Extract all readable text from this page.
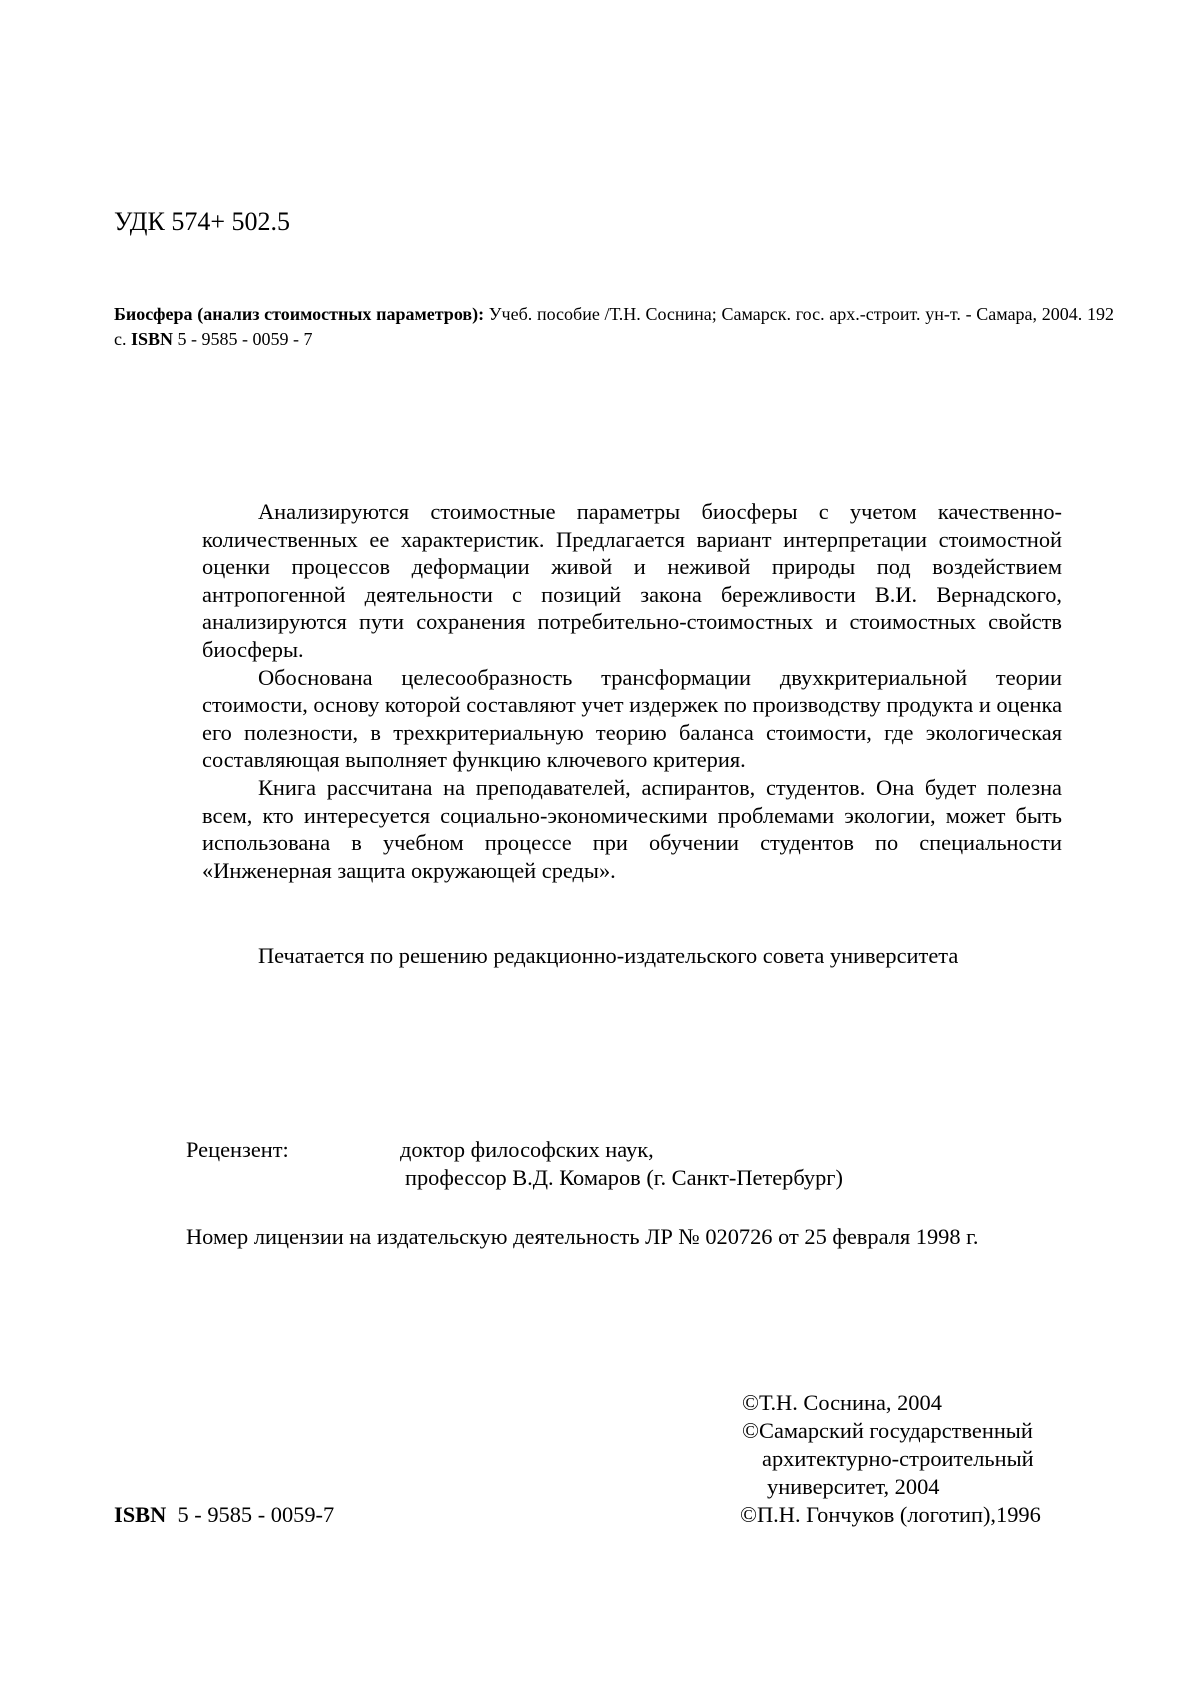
УДК 574+ 502.5
Биосфера (анализ стоимостных параметров): Учеб. пособие /Т.Н. Соснина; Самарск. гос. арх.-строит. ун-т. - Самара, 2004. 192 с. ISBN 5 - 9585 - 0059 - 7

Анализируются стоимостные параметры биосферы с учетом качественно-количественных ее характеристик. Предлагается вариант интерпретации стоимостной оценки процессов деформации живой и неживой природы под воздействием антропогенной деятельности с позиций закона бережливости В.И. Вернадского, анализируются пути сохранения потребительно-стоимостных и стоимостных свойств биосферы.

Обоснована целесообразность трансформации двухкритериальной теории стоимости, основу которой составляют учет издержек по производству продукта и оценка его полезности, в трехкритериальную теорию баланса стоимости, где экологическая составляющая выполняет функцию ключевого критерия.

Книга рассчитана на преподавателей, аспирантов, студентов. Она будет полезна всем, кто интересуется социально-экономическими проблемами экологии, может быть использована в учебном процессе при обучении студентов по специальности «Инженерная защита окружающей среды».

Печатается по решению редакционно-издательского совета университета
Рецензент:	доктор философских наук,
профессор В.Д. Комаров (г. Санкт-Петербург)
Номер лицензии на издательскую деятельность ЛР № 020726 от 25 февраля 1998 г.
©Т.Н. Соснина, 2004
©Самарский государственный
архитектурно-строительный
университет, 2004
©П.Н. Гончуков (логотип),1996
ISBN  5 - 9585 - 0059-7
